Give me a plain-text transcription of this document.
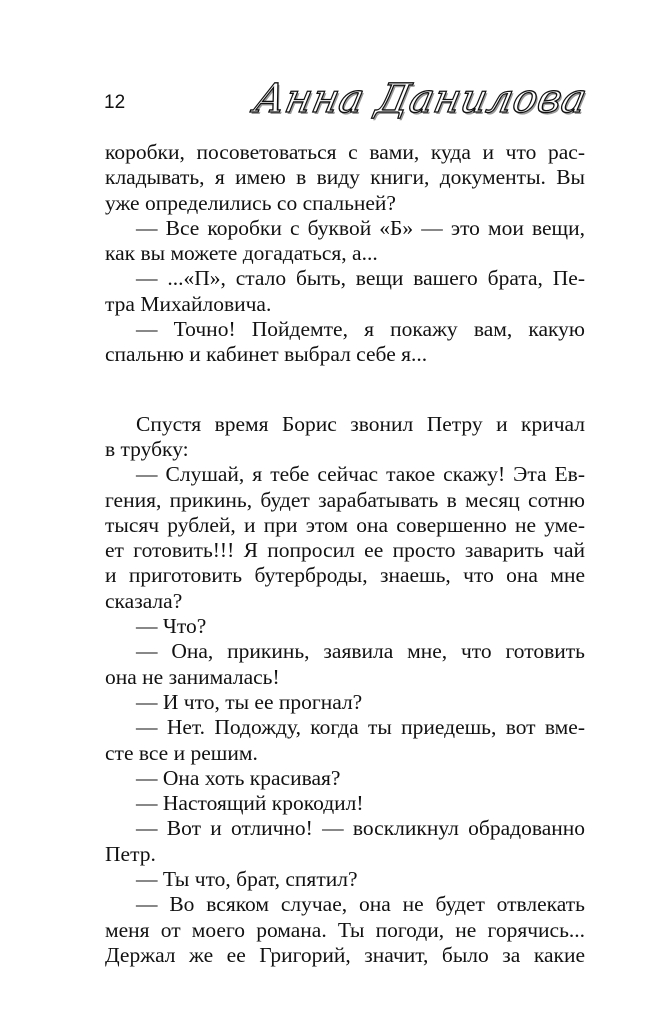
12	Анна Данилова
коробки, посоветоваться с вами, куда и что рас-
кладывать, я имею в виду книги, документы. Вы
уже определились со спальней?
— Все коробки с буквой «Б» — это мои вещи,
как вы можете догадаться, а...
— ...«П», стало быть, вещи вашего брата, Пе-
тра Михайловича.
— Точно! Пойдемте, я покажу вам, какую
спальню и кабинет выбрал себе я...
Спустя время Борис звонил Петру и кричал
в трубку:
— Слушай, я тебе сейчас такое скажу! Эта Ев-
гения, прикинь, будет зарабатывать в месяц сотню
тысяч рублей, и при этом она совершенно не уме-
ет готовить!!! Я попросил ее просто заварить чай
и приготовить бутерброды, знаешь, что она мне
сказала?
— Что?
— Она, прикинь, заявила мне, что готовить
она не занималась!
— И что, ты ее прогнал?
— Нет. Подожду, когда ты приедешь, вот вме-
сте все и решим.
— Она хоть красивая?
— Настоящий крокодил!
— Вот и отлично! — воскликнул обрадованно
Петр.
— Ты что, брат, спятил?
— Во всяком случае, она не будет отвлекать
меня от моего романа. Ты погоди, не горячись...
Держал же ее Григорий, значит, было за какие
